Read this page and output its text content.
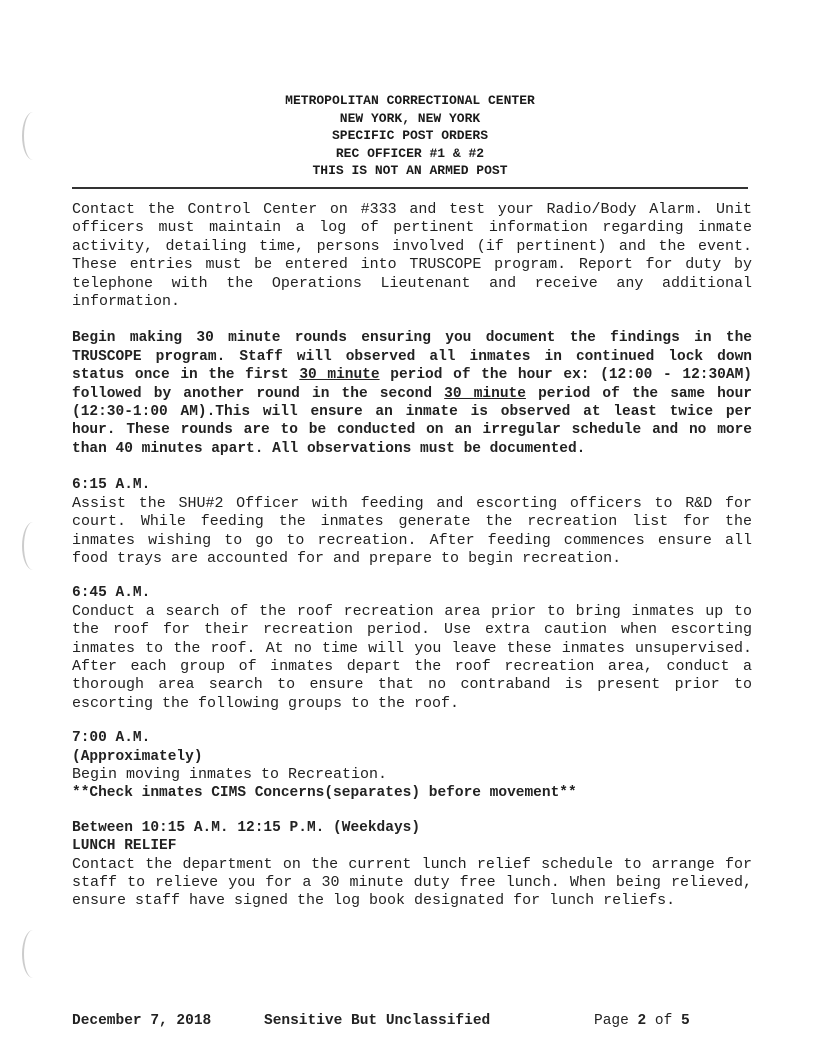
METROPOLITAN CORRECTIONAL CENTER
NEW YORK, NEW YORK
SPECIFIC POST ORDERS
REC OFFICER #1 & #2
THIS IS NOT AN ARMED POST

Contact the Control Center on #333 and test your Radio/Body Alarm. Unit officers must maintain a log of pertinent information regarding inmate activity, detailing time, persons involved (if pertinent) and the event. These entries must be entered into TRUSCOPE program. Report for duty by telephone with the Operations Lieutenant and receive any additional information.

Begin making 30 minute rounds ensuring you document the findings in the TRUSCOPE program. Staff will observed all inmates in continued lock down status once in the first 30 minute period of the hour ex: (12:00 - 12:30AM) followed by another round in the second 30 minute period of the same hour (12:30-1:00 AM).This will ensure an inmate is observed at least twice per hour. These rounds are to be conducted on an irregular schedule and no more than 40 minutes apart. All observations must be documented.

6:15 A.M.

Assist the SHU#2 Officer with feeding and escorting officers to R&D for court. While feeding the inmates generate the recreation list for the inmates wishing to go to recreation. After feeding commences ensure all food trays are accounted for and prepare to begin recreation.

6:45 A.M.

Conduct a search of the roof recreation area prior to bring inmates up to the roof for their recreation period. Use extra caution when escorting inmates to the roof. At no time will you leave these inmates unsupervised. After each group of inmates depart the roof recreation area, conduct a thorough area search to ensure that no contraband is present prior to escorting the following groups to the roof.

7:00 A.M.
(Approximately)
Begin moving inmates to Recreation.

**Check inmates CIMS Concerns(separates) before movement**

Between 10:15 A.M. 12:15 P.M. (Weekdays)
LUNCH RELIEF

Contact the department on the current lunch relief schedule to arrange for staff to relieve you for a 30 minute duty free lunch. When being relieved, ensure staff have signed the log book designated for lunch reliefs.

December 7, 2018	Sensitive But Unclassified	Page 2 of 5
